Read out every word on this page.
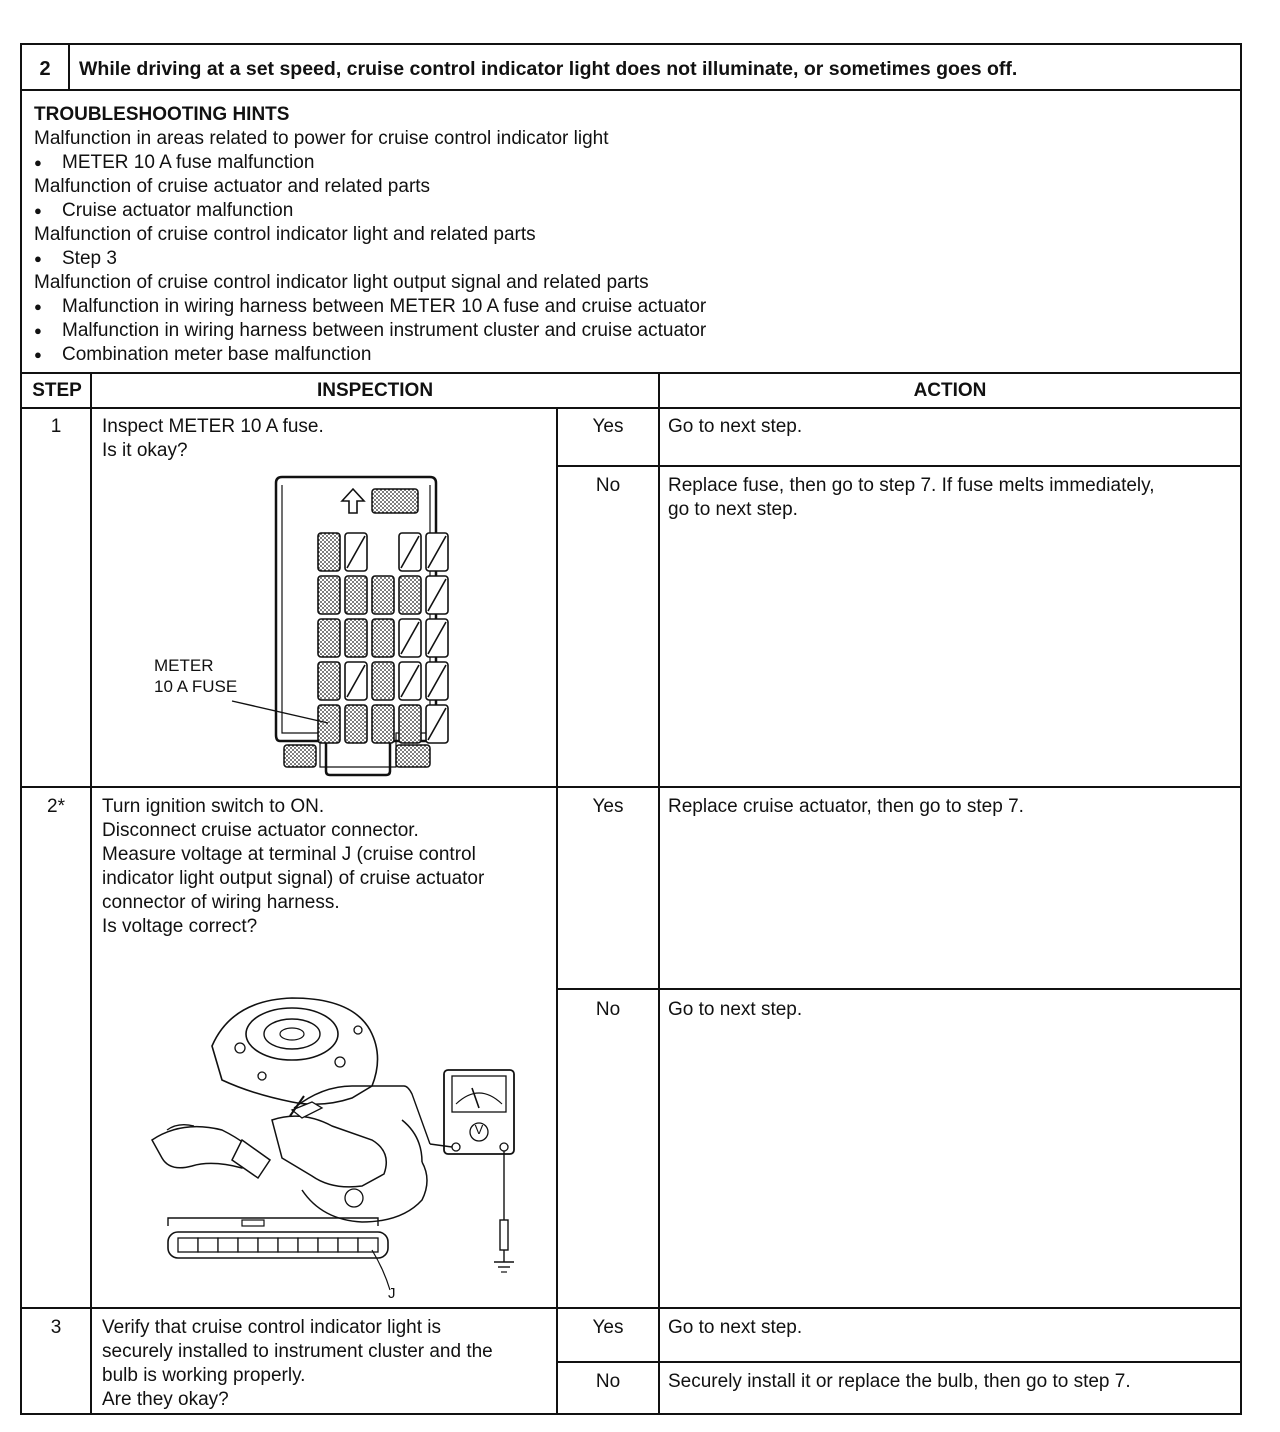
2	While driving at a set speed, cruise control indicator light does not illuminate, or sometimes goes off.
TROUBLESHOOTING HINTS
Malfunction in areas related to power for cruise control indicator light
●
Malfunction of cruise actuator and related parts
●
Malfunction of cruise control indicator light and related parts
●
Malfunction of cruise control indicator light output signal and related parts
●
●
●
METER 10 A fuse malfunction
Cruise actuator malfunction
Step 3
Malfunction in wiring harness between METER 10 A fuse and cruise actuator
Malfunction in wiring harness between instrument cluster and cruise actuator
Combination meter base malfunction
STEP	INSPECTION	ACTION
1	Inspect METER 10 A fuse.
Is it okay?
Yes	Go to next step.
No	Replace fuse, then go to step 7. If fuse melts immediately,
go to next step.
METER
10 A FUSE
2*	Turn ignition switch to ON.
Disconnect cruise actuator connector.
Measure voltage at terminal J (cruise control
indicator light output signal) of cruise actuator
connector of wiring harness.
Is voltage correct?
Yes	Replace cruise actuator, then go to step 7.
No	Go to next step.
V
J
3	Verify that cruise control indicator light is
securely installed to instrument cluster and the
bulb is working properly.
Are they okay?
Yes	Go to next step.
No	Securely install it or replace the bulb, then go to step 7.
